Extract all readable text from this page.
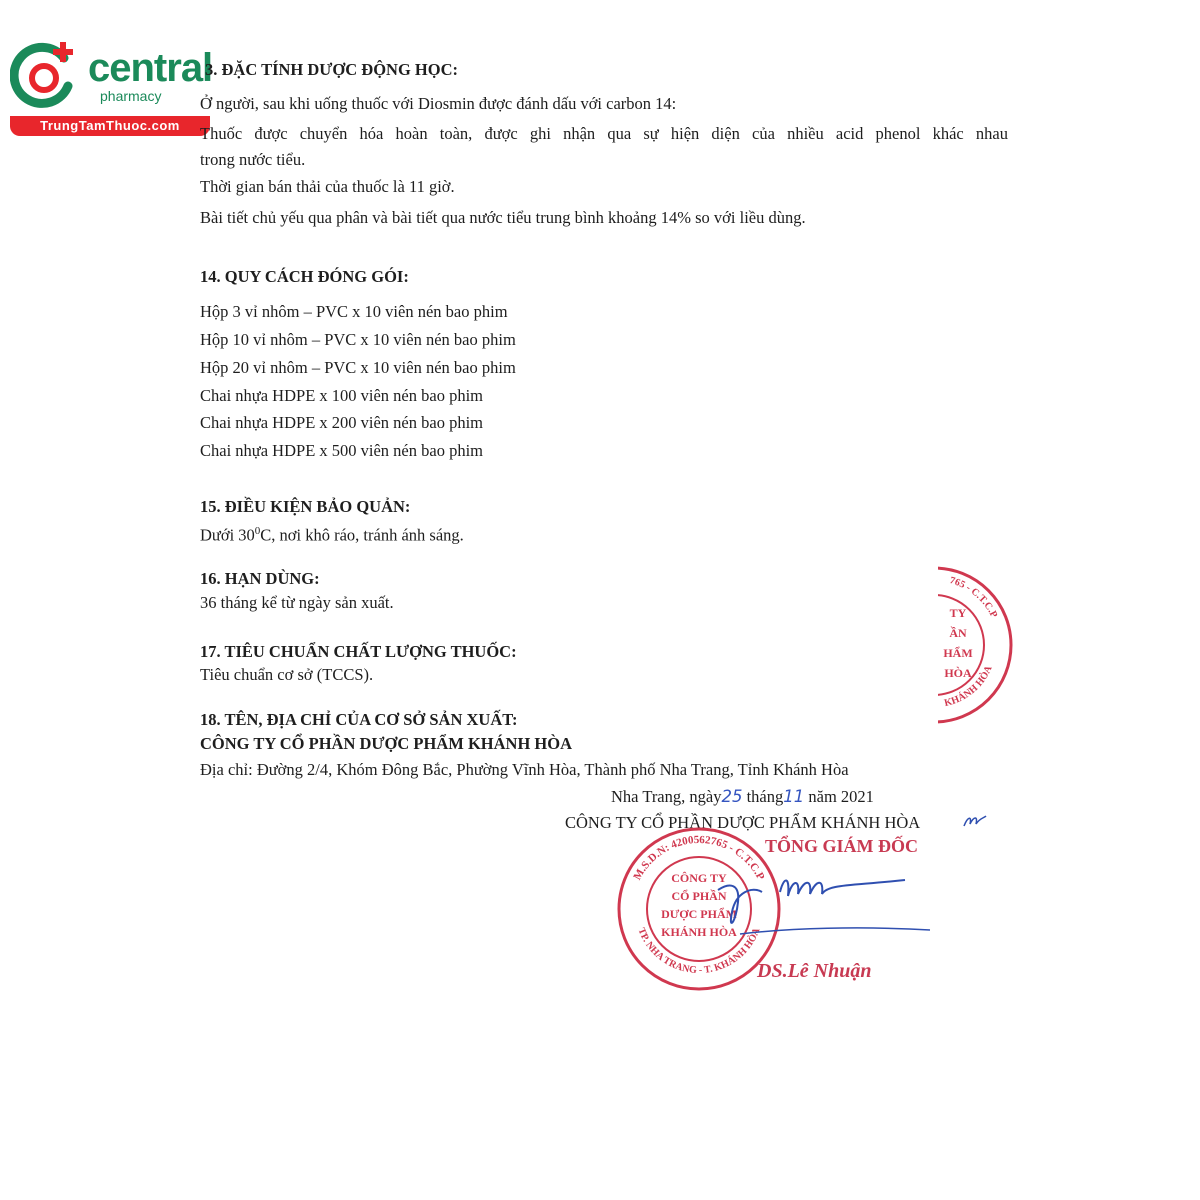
central
pharmacy
TrungTamThuoc.com
3. ĐẶC TÍNH DƯỢC ĐỘNG HỌC:
Ở người, sau khi uống thuốc với Diosmin được đánh dấu với carbon 14:
Thuốc được chuyển hóa hoàn toàn, được ghi nhận qua sự hiện diện của nhiều acid phenol khác nhau
trong nước tiểu.
Thời gian bán thải của thuốc là 11 giờ.
Bài tiết chủ yếu qua phân và bài tiết qua nước tiểu trung bình khoảng 14% so với liều dùng.
14. QUY CÁCH ĐÓNG GÓI:
Hộp 3 vỉ nhôm – PVC x 10 viên nén bao phim
Hộp 10 vỉ nhôm – PVC x 10 viên nén bao phim
Hộp 20 vỉ nhôm – PVC x 10 viên nén bao phim
Chai nhựa HDPE x 100 viên nén bao phim
Chai nhựa HDPE x 200 viên nén bao phim
Chai nhựa HDPE x 500 viên nén bao phim
15. ĐIỀU KIỆN BẢO QUẢN:
Dưới $30^0C$, nơi khô ráo, tránh ánh sáng.
16. HẠN DÙNG:
36 tháng kể từ ngày sản xuất.
17. TIÊU CHUẨN CHẤT LƯỢNG THUỐC:
Tiêu chuẩn cơ sở (TCCS).
18. TÊN, ĐỊA CHỈ CỦA CƠ SỞ SẢN XUẤT:
CÔNG TY CỔ PHẦN DƯỢC PHẨM KHÁNH HÒA
Địa chỉ: Đường 2/4, Khóm Đông Bắc, Phường Vĩnh Hòa, Thành phố Nha Trang, Tỉnh Khánh Hòa
Nha Trang, ngày25 tháng11 năm 2021
CÔNG TY CỔ PHẦN DƯỢC PHẨM KHÁNH HÒA
TỔNG GIÁM ĐỐC
M.S.D.N: 4200562765 - C.T.C.P
TP. NHA TRANG - T. KHÁNH HÒA
CÔNG TY
CỔ PHẦN
DƯỢC PHẨM
KHÁNH HÒA
765 - C.T.C.P
KHÁNH HÒA
TY
ẦN
HẨM
HÒA
DS.Lê Nhuận
